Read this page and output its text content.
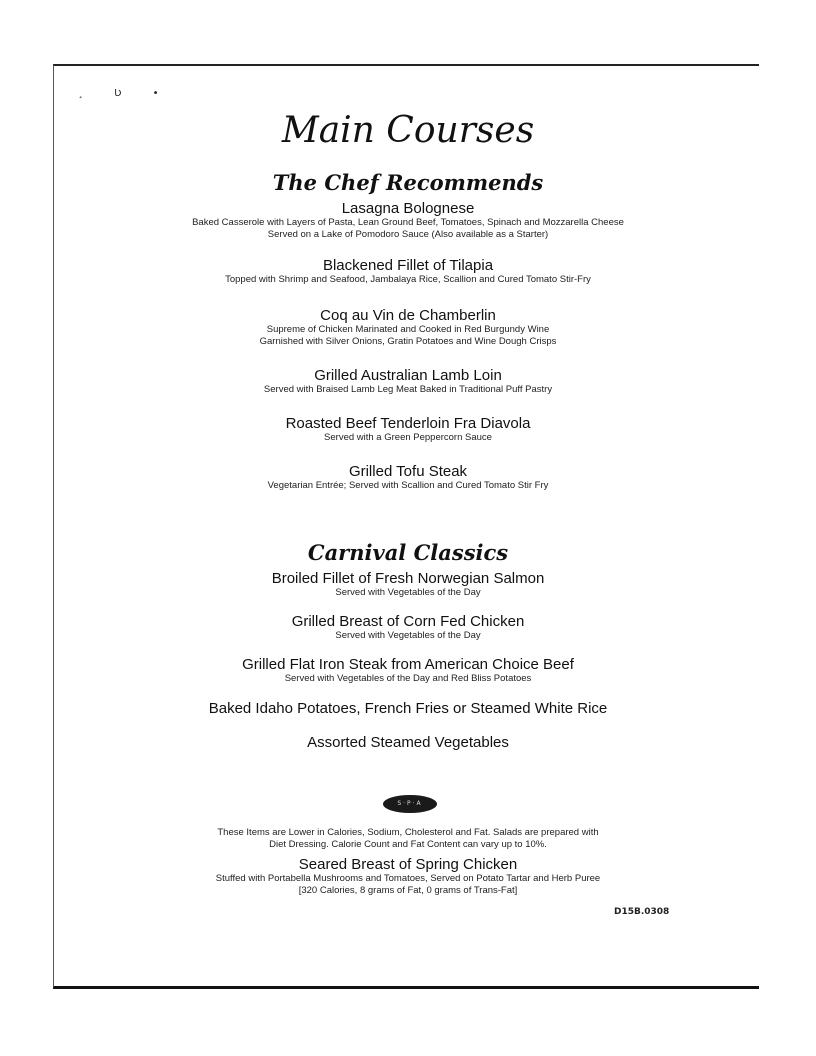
¸ Ʋ •
Main Courses
The Chef Recommends
Lasagna Bolognese
Baked Casserole with Layers of Pasta, Lean Ground Beef, Tomatoes, Spinach and Mozzarella Cheese
Served on a Lake of Pomodoro Sauce (Also available as a Starter)
Blackened Fillet of Tilapia
Topped with Shrimp and Seafood, Jambalaya Rice, Scallion and Cured Tomato Stir-Fry
Coq au Vin de Chamberlin
Supreme of Chicken Marinated and Cooked in Red Burgundy Wine
Garnished with Silver Onions, Gratin Potatoes and Wine Dough Crisps
Grilled Australian Lamb Loin
Served with Braised Lamb Leg Meat Baked in Traditional Puff Pastry
Roasted Beef Tenderloin Fra Diavola
Served with a Green Peppercorn Sauce
Grilled Tofu Steak
Vegetarian Entrée; Served with Scallion and Cured Tomato Stir Fry
Carnival Classics
Broiled Fillet of Fresh Norwegian Salmon
Served with Vegetables of the Day
Grilled Breast of Corn Fed Chicken
Served with Vegetables of the Day
Grilled Flat Iron Steak from American Choice Beef
Served with Vegetables of the Day and Red Bliss Potatoes
Baked Idaho Potatoes, French Fries or Steamed White Rice
Assorted Steamed Vegetables
S·P·A
These Items are Lower in Calories, Sodium, Cholesterol and Fat. Salads are prepared with
Diet Dressing. Calorie Count and Fat Content can vary up to 10%.
Seared Breast of Spring Chicken
Stuffed with Portabella Mushrooms and Tomatoes, Served on Potato Tartar and Herb Puree
[320 Calories, 8 grams of Fat, 0 grams of Trans-Fat]
D15B.0308
